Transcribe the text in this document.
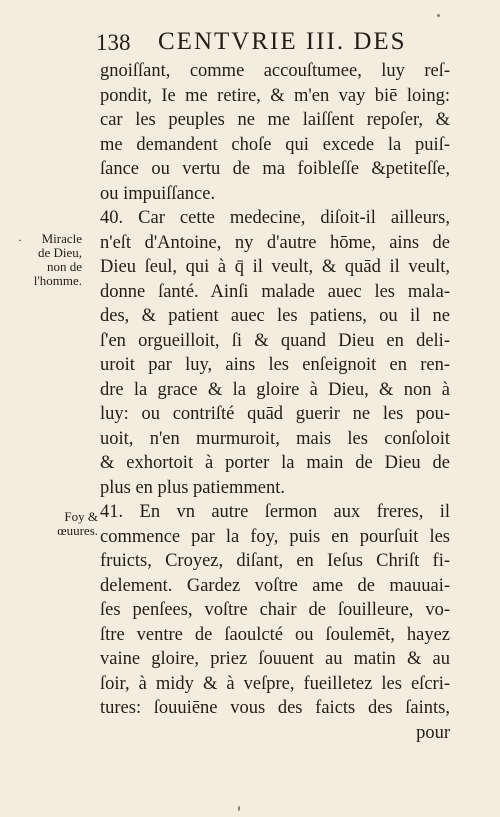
138 CENTVRIE III. DES
·	Miracle
de Dieu,
non de
l'homme.
Foy &
œuures.
gnoiſſant, comme accouſtumee, luy reſ-
pondit, Ie me retire, & m'en vay biē loing:
car les peuples ne me laiſſent repoſer, &
me demandent choſe qui excede la puiſ-
ſance ou vertu de ma foibleſſe &petiteſſe,
ou impuiſſance.
40. Car cette medecine, diſoit-il ailleurs,
n'eſt d'Antoine, ny d'autre hōme, ains de
Dieu ſeul, qui à q̄ il veult, & quād il veult,
donne ſanté. Ainſi malade auec les mala-
des, & patient auec les patiens, ou il ne
ſ'en orgueilloit, ſi & quand Dieu en deli-
uroit par luy, ains les enſeignoit en ren-
dre la grace & la gloire à Dieu, & non à
luy: ou contriſté quād guerir ne les pou-
uoit, n'en murmuroit, mais les conſoloit
& exhortoit à porter la main de Dieu de
plus en plus patiemment.
41. En vn autre ſermon aux freres, il
commence par la foy, puis en pourſuit les
fruicts, Croyez, diſant, en Ieſus Chriſt fi-
delement. Gardez voſtre ame de mauuai-
ſes penſees, voſtre chair de ſouilleure, vo-
ſtre ventre de ſaoulcté ou ſoulemēt, hayez
vaine gloire, priez ſouuent au matin & au
ſoir, à midy & à veſpre, fueilletez les eſcri-
tures: ſouuiēne vous des faicts des ſaints,
pour
